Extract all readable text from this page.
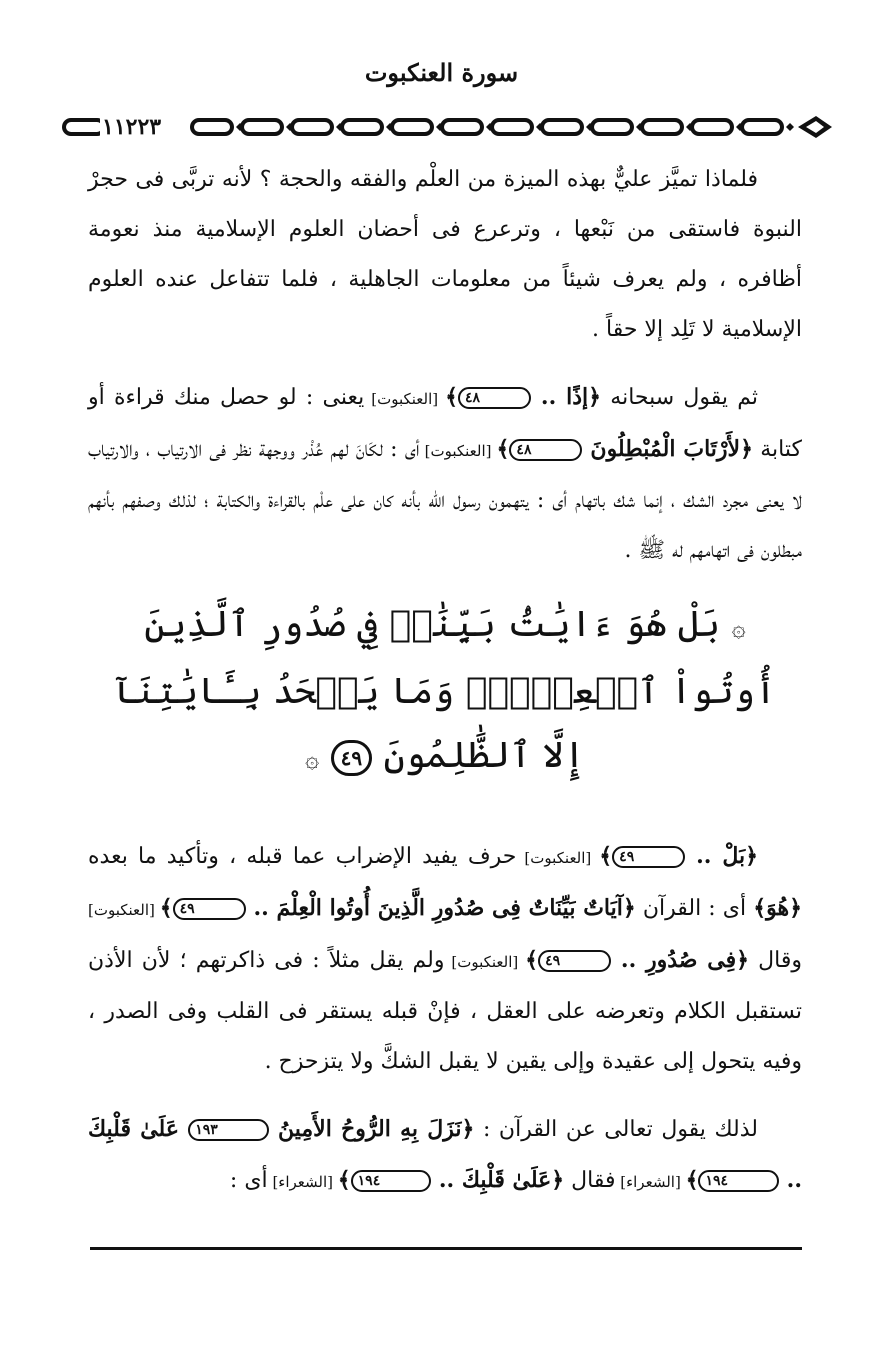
سورة العنكبوت
١١٢٢٣

فلماذا تميَّز عليٌّ بهذه الميزة من العلْم والفقه والحجة ؟ لأنه تربَّى فى حجرْ النبوة فاستقى من نَبْعها ، وترعرع فى أحضان العلوم الإسلامية منذ نعومة أظافره ، ولم يعرف شيئاً من معلومات الجاهلية ، فلما تتفاعل عنده العلوم الإسلامية لا تَلِد إلا حقاً .

ثم يقول سبحانه ﴿إذًا .. ٤٨﴾ [العنكبوت] يعنى : لو حصل منك قراءة أو كتابة ﴿لأَرْتَابَ الْمُبْطِلُونَ ٤٨﴾ [العنكبوت] أى : لكَانَ لهم عُذْر ووجهة نظر فى الارتياب ، والارتياب لا يعنى مجرد الشك ، إنما شك باتهام أى : يتهمون رسول الله بأنه كان على علْم بالقراءة والكتابة ؛ لذلك وصفهم بأنهم مبطلون فى اتهامهم له ﷺ .

۞ بَلْ هُوَ ءَايَٰتُۢ بَيِّنَٰتٞ فِي صُدُورِ ٱلَّذِينَ أُوتُواْ ٱلۡعِلۡمَۚ وَمَا يَجۡحَدُ بِـَٔايَٰتِنَآ إِلَّا ٱلظَّٰلِمُونَ ٤٩ ۞

﴿بَلْ .. ٤٩﴾ [العنكبوت] حرف يفيد الإضراب عما قبله ، وتأكيد ما بعده ﴿هُوَ﴾ أى : القرآن ﴿آيَاتٌ بَيِّنَاتٌ فِى صُدُورِ الَّذِينَ أُوتُوا الْعِلْمَ .. ٤٩﴾ [العنكبوت] وقال ﴿فِى صُدُورِ .. ٤٩﴾ [العنكبوت] ولم يقل مثلاً : فى ذاكرتهم ؛ لأن الأذن تستقبل الكلام وتعرضه على العقل ، فإنْ قبله يستقر فى القلب وفى الصدر ، وفيه يتحول إلى عقيدة وإلى يقين لا يقبل الشكَّ ولا يتزحزح .

لذلك يقول تعالى عن القرآن : ﴿نَزَلَ بِهِ الرُّوحُ الأَمِينُ ١٩٣ عَلَىٰ قَلْبِكَ .. ١٩٤﴾ [الشعراء] فقال ﴿عَلَىٰ قَلْبِكَ .. ١٩٤﴾ [الشعراء] أى :
